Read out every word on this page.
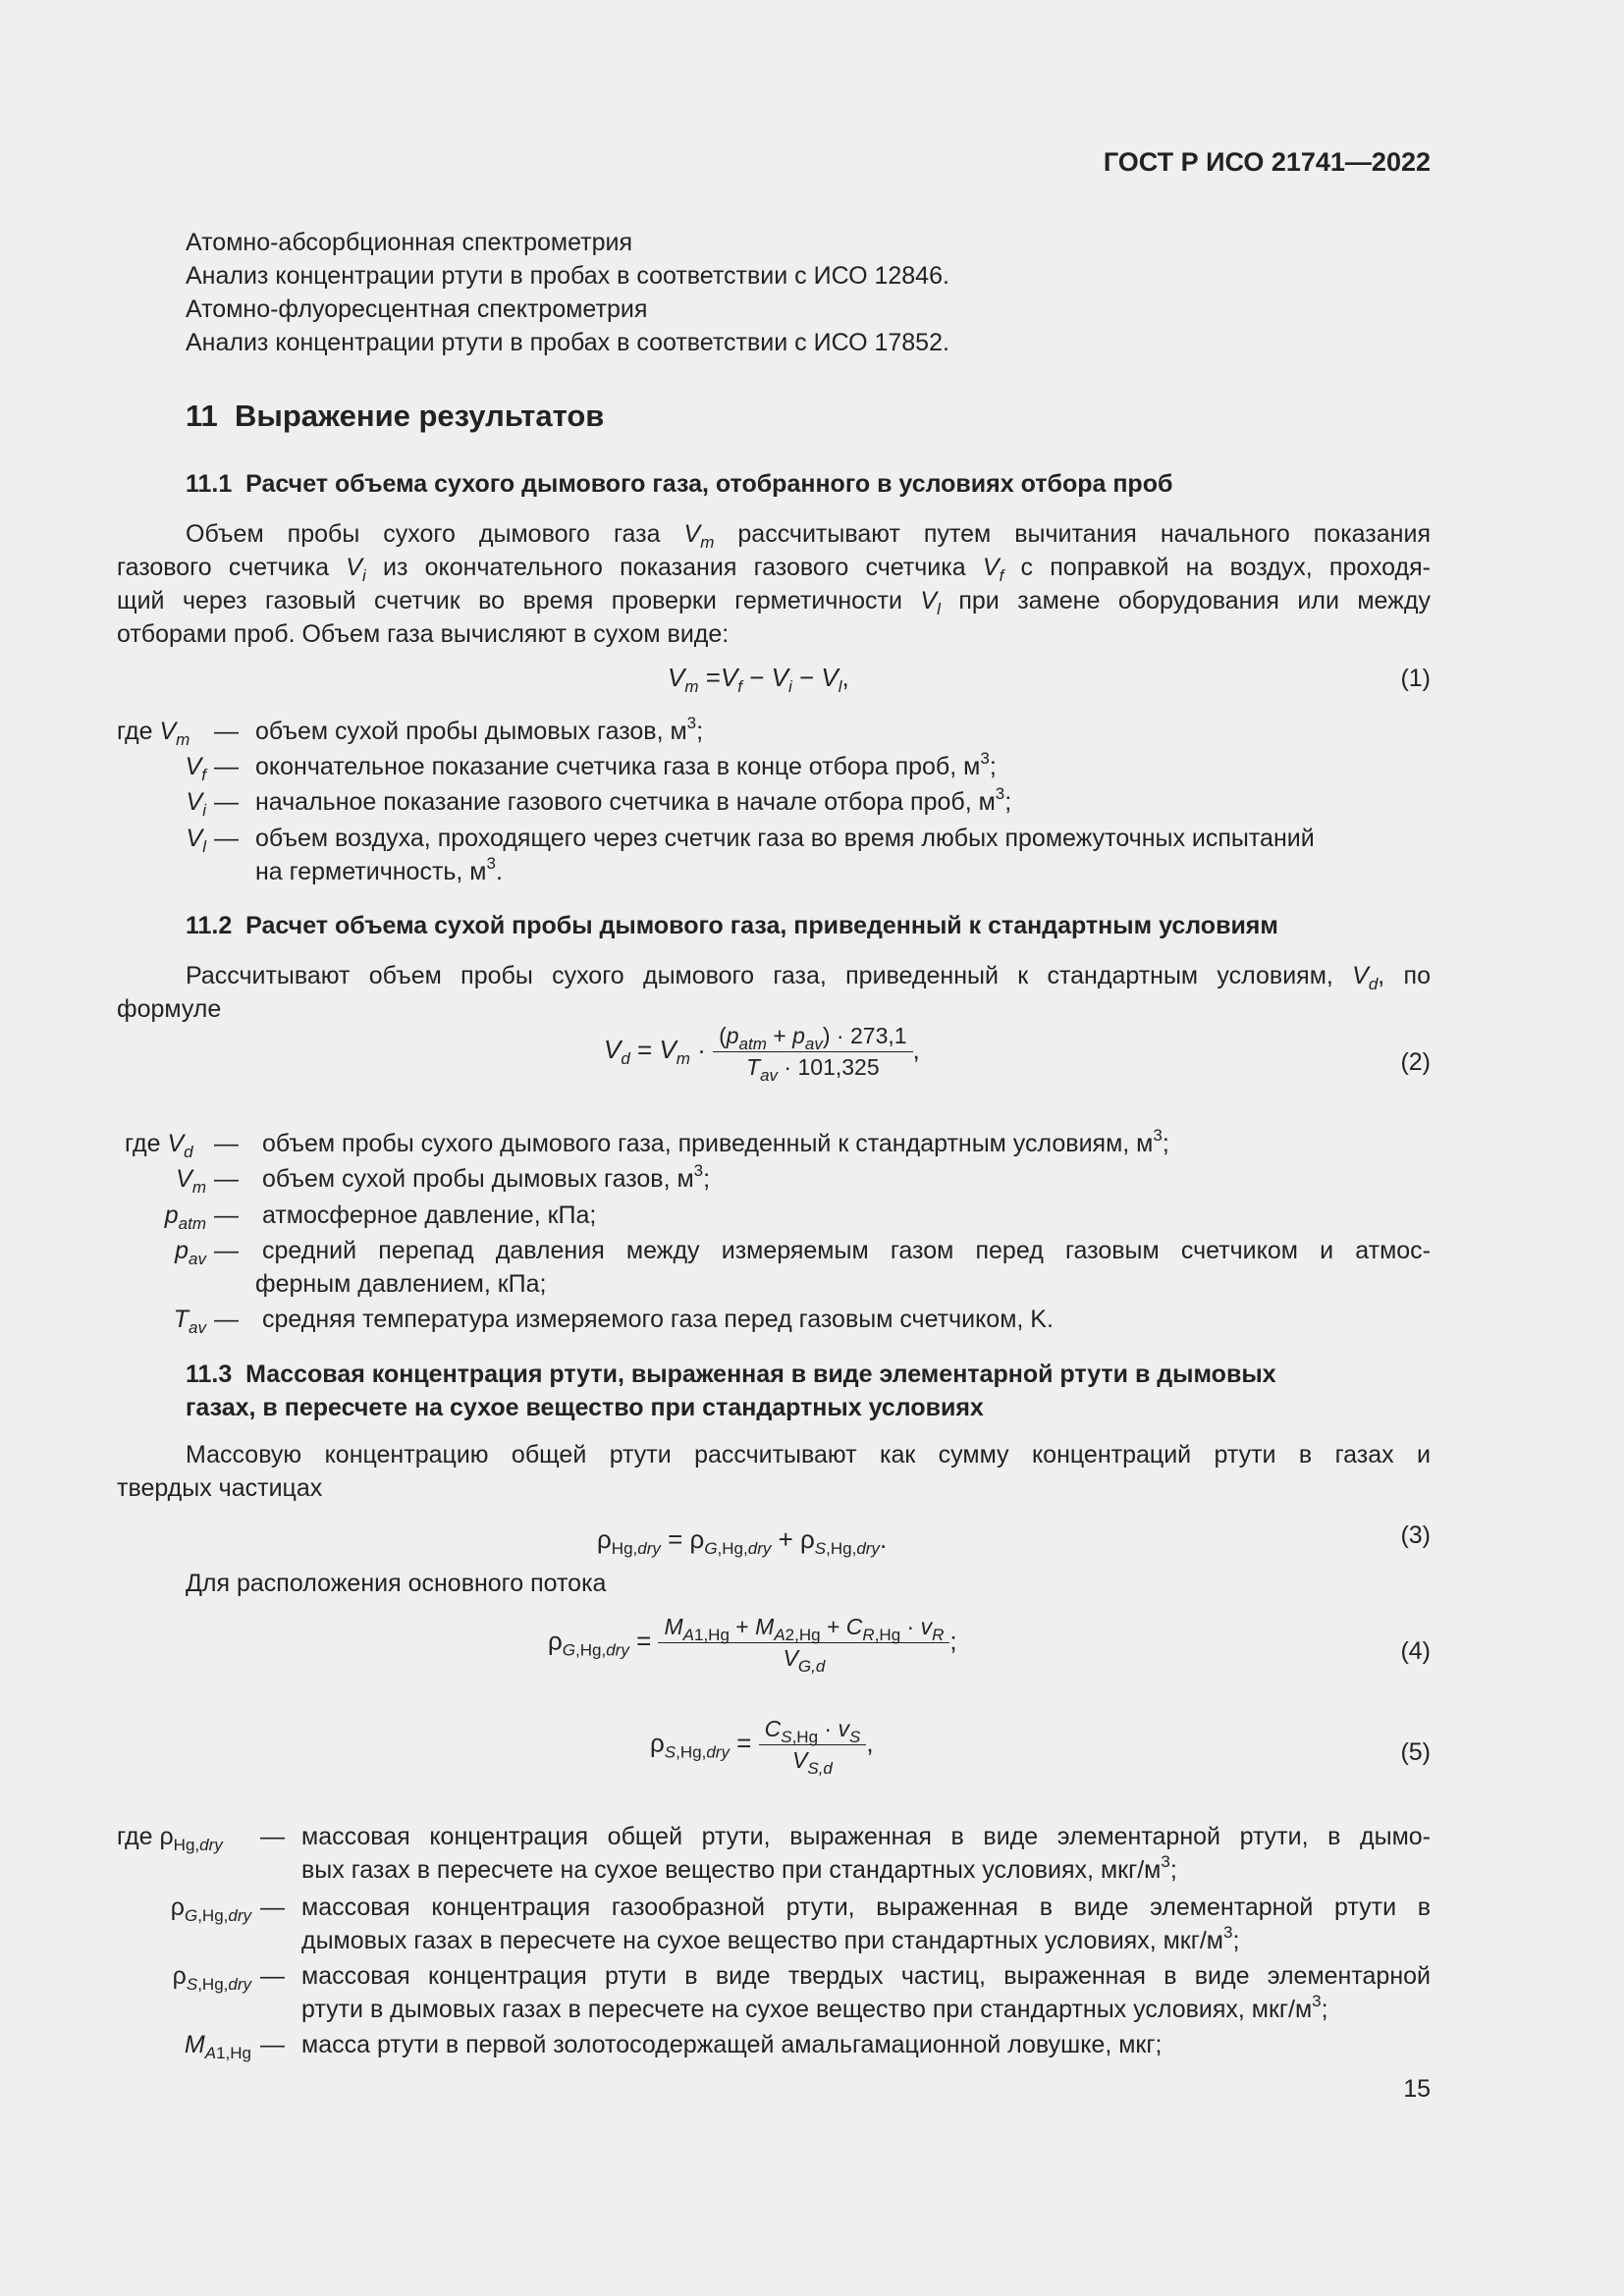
ГОСТ Р ИСО 21741—2022
Атомно-абсорбционная спектрометрия
Анализ концентрации ртути в пробах в соответствии с ИСО 12846.
Атомно-флуоресцентная спектрометрия
Анализ концентрации ртути в пробах в соответствии с ИСО 17852.
11  Выражение результатов
11.1  Расчет объема сухого дымового газа, отобранного в условиях отбора проб
Объем пробы сухого дымового газа $V_m$ рассчитывают путем вычитания начального показания
газового счетчика $V_i$ из окончательного показания газового счетчика $V_f$ с поправкой на воздух, проходя-
щий через газовый счетчик во время проверки герметичности $V_l$ при замене оборудования или между
отборами проб. Объем газа вычисляют в сухом виде:
$V_m =V_f - V_i - V_l$,	(1)
где $V_m$ — объем сухой пробы дымовых газов, $м^3$;
$V_f$ — окончательное показание счетчика газа в конце отбора проб, $м^3$;
$V_i$ — начальное показание газового счетчика в начале отбора проб, $м^3$;
$V_l$ — объем воздуха, проходящего через счетчик газа во время любых промежуточных испытаний
на герметичность, $м^3$.
11.2  Расчет объема сухой пробы дымового газа, приведенный к стандартным условиям
Рассчитывают объем пробы сухого дымового газа, приведенный к стандартным условиям, $V_d$, по
формуле
$V_d = V_m \cdot \frac{(p_{atm} + p_{av}) \cdot 273,1}{T_{av} \cdot 101,325}$ ,	(2)
где $V_d$ — объем пробы сухого дымового газа, приведенный к стандартным условиям, $м^3$;
$V_m$ — объем сухой пробы дымовых газов, $м^3$;
$p_{atm}$ — атмосферное давление, кПа;
$p_{av}$ — средний перепад давления между измеряемым газом перед газовым счетчиком и атмос-
ферным давлением, кПа;
$T_{av}$ — средняя температура измеряемого газа перед газовым счетчиком, K.
11.3  Массовая концентрация ртути, выраженная в виде элементарной ртути в дымовых
газах, в пересчете на сухое вещество при стандартных условиях
Массовую концентрацию общей ртути рассчитывают как сумму концентраций ртути в газах и
твердых частицах
$\rho_{Hg,dry} = \rho_{G,Hg,dry} + \rho_{S,Hg,dry}$.	(3)
Для расположения основного потока
$\rho_{G,Hg,dry} = \frac{M_{A1,Hg} + M_{A2,Hg} + C_{R,Hg} \cdot v_R}{V_{G,d}}$ ;	(4)
$\rho_{S,Hg,dry} = \frac{C_{S,Hg} \cdot v_S}{V_{S,d}}$ ,	(5)
где $\rho_{Hg,dry}$ — массовая концентрация общей ртути, выраженная в виде элементарной ртути, в дымо-
вых газах в пересчете на сухое вещество при стандартных условиях, мкг/$м^3$;
$\rho_{G,Hg,dry}$ — массовая концентрация газообразной ртути, выраженная в виде элементарной ртути в
дымовых газах в пересчете на сухое вещество при стандартных условиях, мкг/$м^3$;
$\rho_{S,Hg,dry}$ — массовая концентрация ртути в виде твердых частиц, выраженная в виде элементарной
ртути в дымовых газах в пересчете на сухое вещество при стандартных условиях, мкг/$м^3$;
$M_{A1,Hg}$ — масса ртути в первой золотосодержащей амальгамационной ловушке, мкг;
15
